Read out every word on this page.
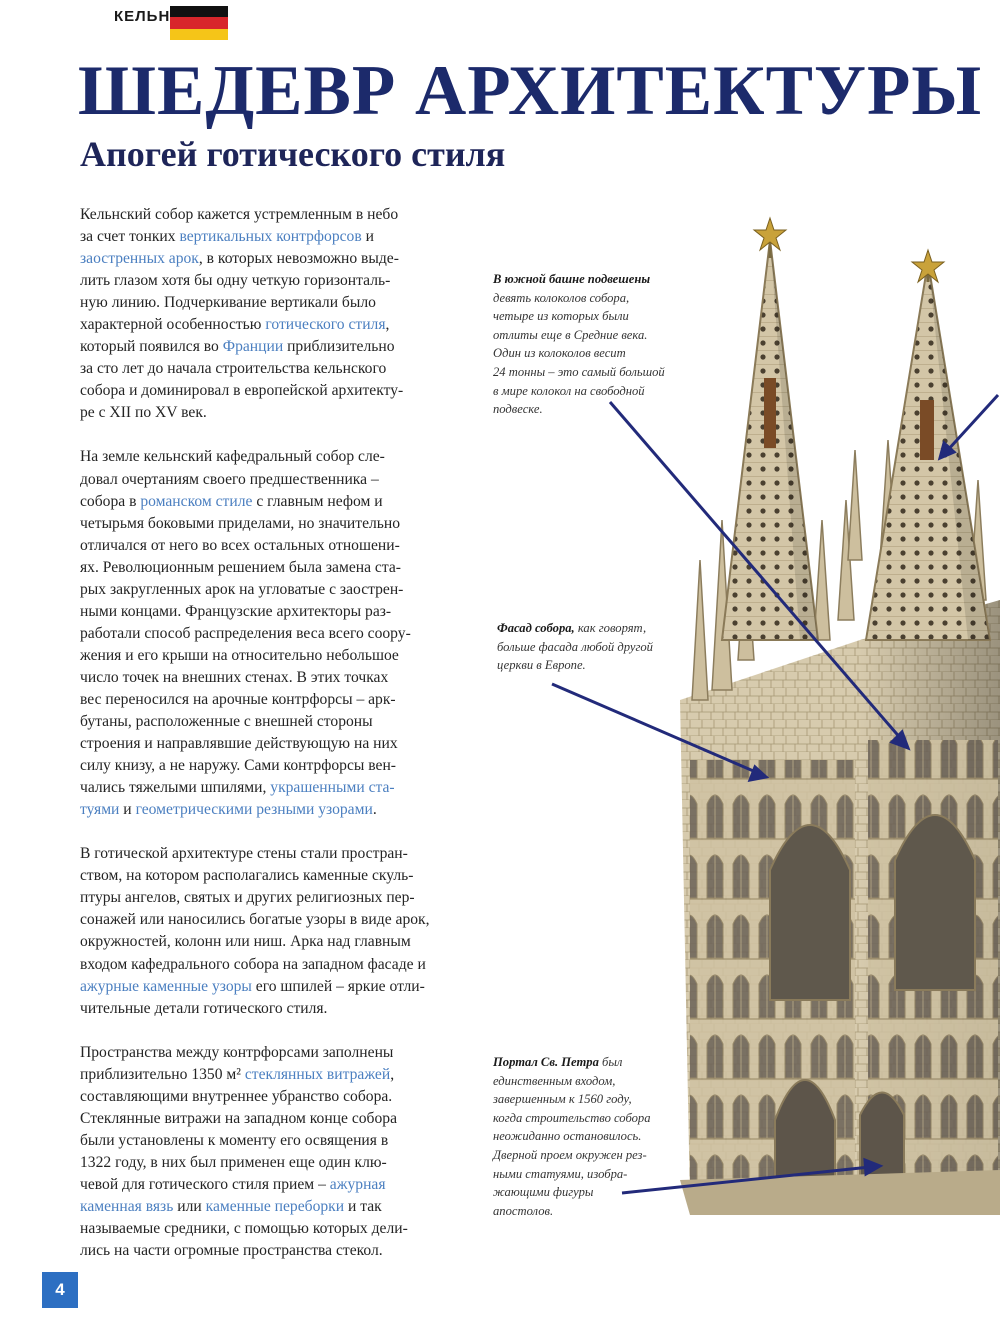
КЕЛЬН
ШЕДЕВР АРХИТЕКТУРЫ
Апогей готического стиля

Кельнский собор кажется устремленным в небо
за счет тонких вертикальных контрфорсов и
заостренных арок, в которых невозможно выде-
лить глазом хотя бы одну четкую горизонталь-
ную линию. Подчеркивание вертикали было
характерной особенностью готического стиля,
который появился во Франции приблизительно
за сто лет до начала строительства кельнского
собора и доминировал в европейской архитекту-
ре с XII по XV век.

На земле кельнский кафедральный собор сле-
довал очертаниям своего предшественника –
собора в романском стиле с главным нефом и
четырьмя боковыми приделами, но значительно
отличался от него во всех остальных отношени-
ях. Революционным решением была замена ста-
рых закругленных арок на угловатые с заострен-
ными концами. Французские архитекторы раз-
работали способ распределения веса всего соору-
жения и его крыши на относительно небольшое
число точек на внешних стенах. В этих точках
вес переносился на арочные контрфорсы – арк-
бутаны, расположенные с внешней стороны
строения и направлявшие действующую на них
силу книзу, а не наружу. Сами контрфорсы вен-
чались тяжелыми шпилями, украшенными ста-
туями и геометрическими резными узорами.

В готической архитектуре стены стали простран-
ством, на котором располагались каменные скуль-
птуры ангелов, святых и других религиозных пер-
сонажей или наносились богатые узоры в виде арок,
окружностей, колонн или ниш. Арка над главным
входом кафедрального собора на западном фасаде и
ажурные каменные узоры его шпилей – яркие отли-
чительные детали готического стиля.

Пространства между контрфорсами заполнены
приблизительно 1350 м² стеклянных витражей,
составляющими внутреннее убранство собора.
Стеклянные витражи на западном конце собора
были установлены к моменту его освящения в
1322 году, в них был применен еще один клю-
чевой для готического стиля прием – ажурная
каменная вязь или каменные переборки и так
называемые средники, с помощью которых дели-
лись на части огромные пространства стекол.

В южной башне подвешены
девять колоколов собора,
четыре из которых были
отлиты еще в Средние века.
Один из колоколов весит
24 тонны – это самый большой
в мире колокол на свободной
подвеске.
Фасад собора, как говорят,
больше фасада любой другой
церкви в Европе.
Портал Св. Петра был
единственным входом,
завершенным к 1560 году,
когда строительство собора
неожиданно остановилось.
Дверной проем окружен рез-
ными статуями, изобра-
жающими фигуры
апостолов.
4
